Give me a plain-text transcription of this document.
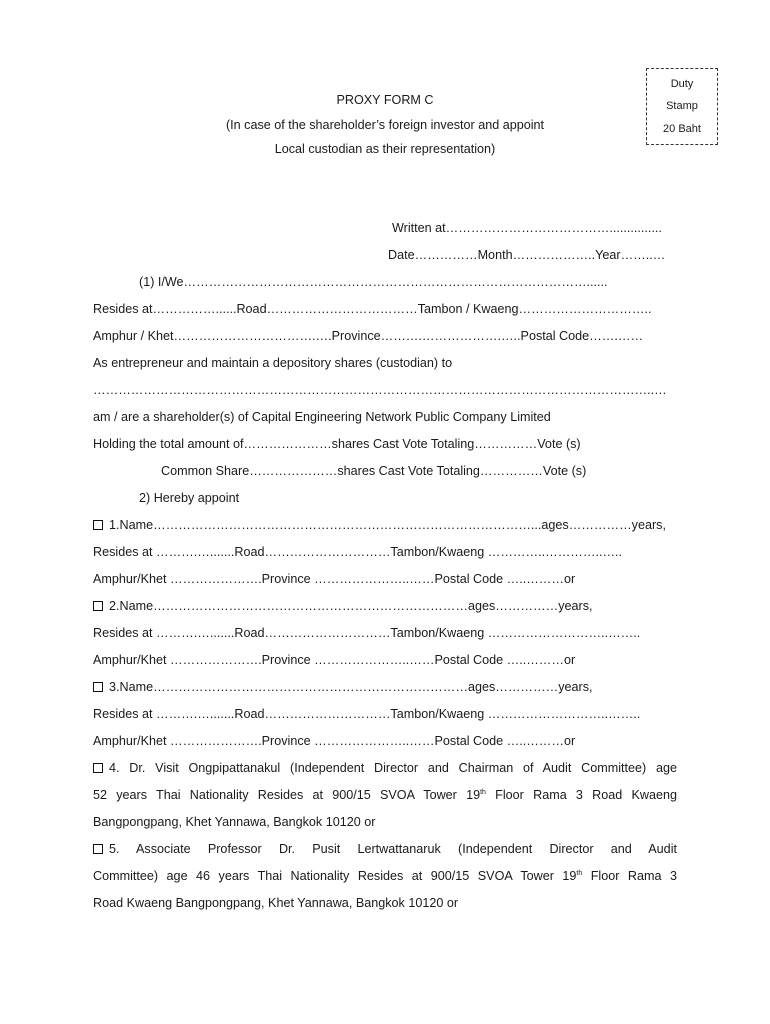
Duty
Stamp
20 Baht
PROXY FORM C
(In case of the shareholder’s foreign investor and appoint
Local custodian as their representation)
Written at…………………………………...............
Date……………Month………………..Year……..…
(1) I/We……………………………………………………………………………………......
Resides at……………......Road………………………………Tambon / Kwaeng…………………………..
Amphur / Khet…………………………….….Province……….……………….…..Postal Code…….……
As entrepreneur and maintain a depository shares (custodian) to
……………………………………………………………………………………………………………………..…
am / are a shareholder(s) of Capital Engineering Network Public Company Limited
Holding the total amount of…………………shares Cast Vote Totaling……………Vote (s)
Common Share…………………shares Cast Vote Totaling……………Vote (s)
2) Hereby appoint
1.Name………………………………………………………………………………...ages……………years,
Resides at ……….….......Road…………………………Tambon/Kwaeng …………..…………..…..
Amphur/Khet ………………….Province …………………..……Postal Code …..………or
2.Name…………………………………………………………………ages……………years,
Resides at ……….….......Road…………………………Tambon/Kwaeng ………………………..……..
Amphur/Khet ………………….Province …………………..……Postal Code …..………or
3.Name…………………………………………………………………ages……………years,
Resides at ……….….......Road…………………………Tambon/Kwaeng ………………………..……..
Amphur/Khet ………………….Province …………………..……Postal Code …..………or
4. Dr. Visit Ongpipattanakul (Independent Director and Chairman of Audit Committee) age
52 years Thai Nationality Resides at 900/15 SVOA Tower 19th Floor Rama 3 Road Kwaeng
Bangpongpang, Khet Yannawa, Bangkok 10120 or
5. Associate Professor Dr. Pusit Lertwattanaruk (Independent Director and Audit
Committee) age 46 years Thai Nationality Resides at 900/15 SVOA Tower 19th Floor Rama 3
Road Kwaeng Bangpongpang, Khet Yannawa, Bangkok 10120 or
